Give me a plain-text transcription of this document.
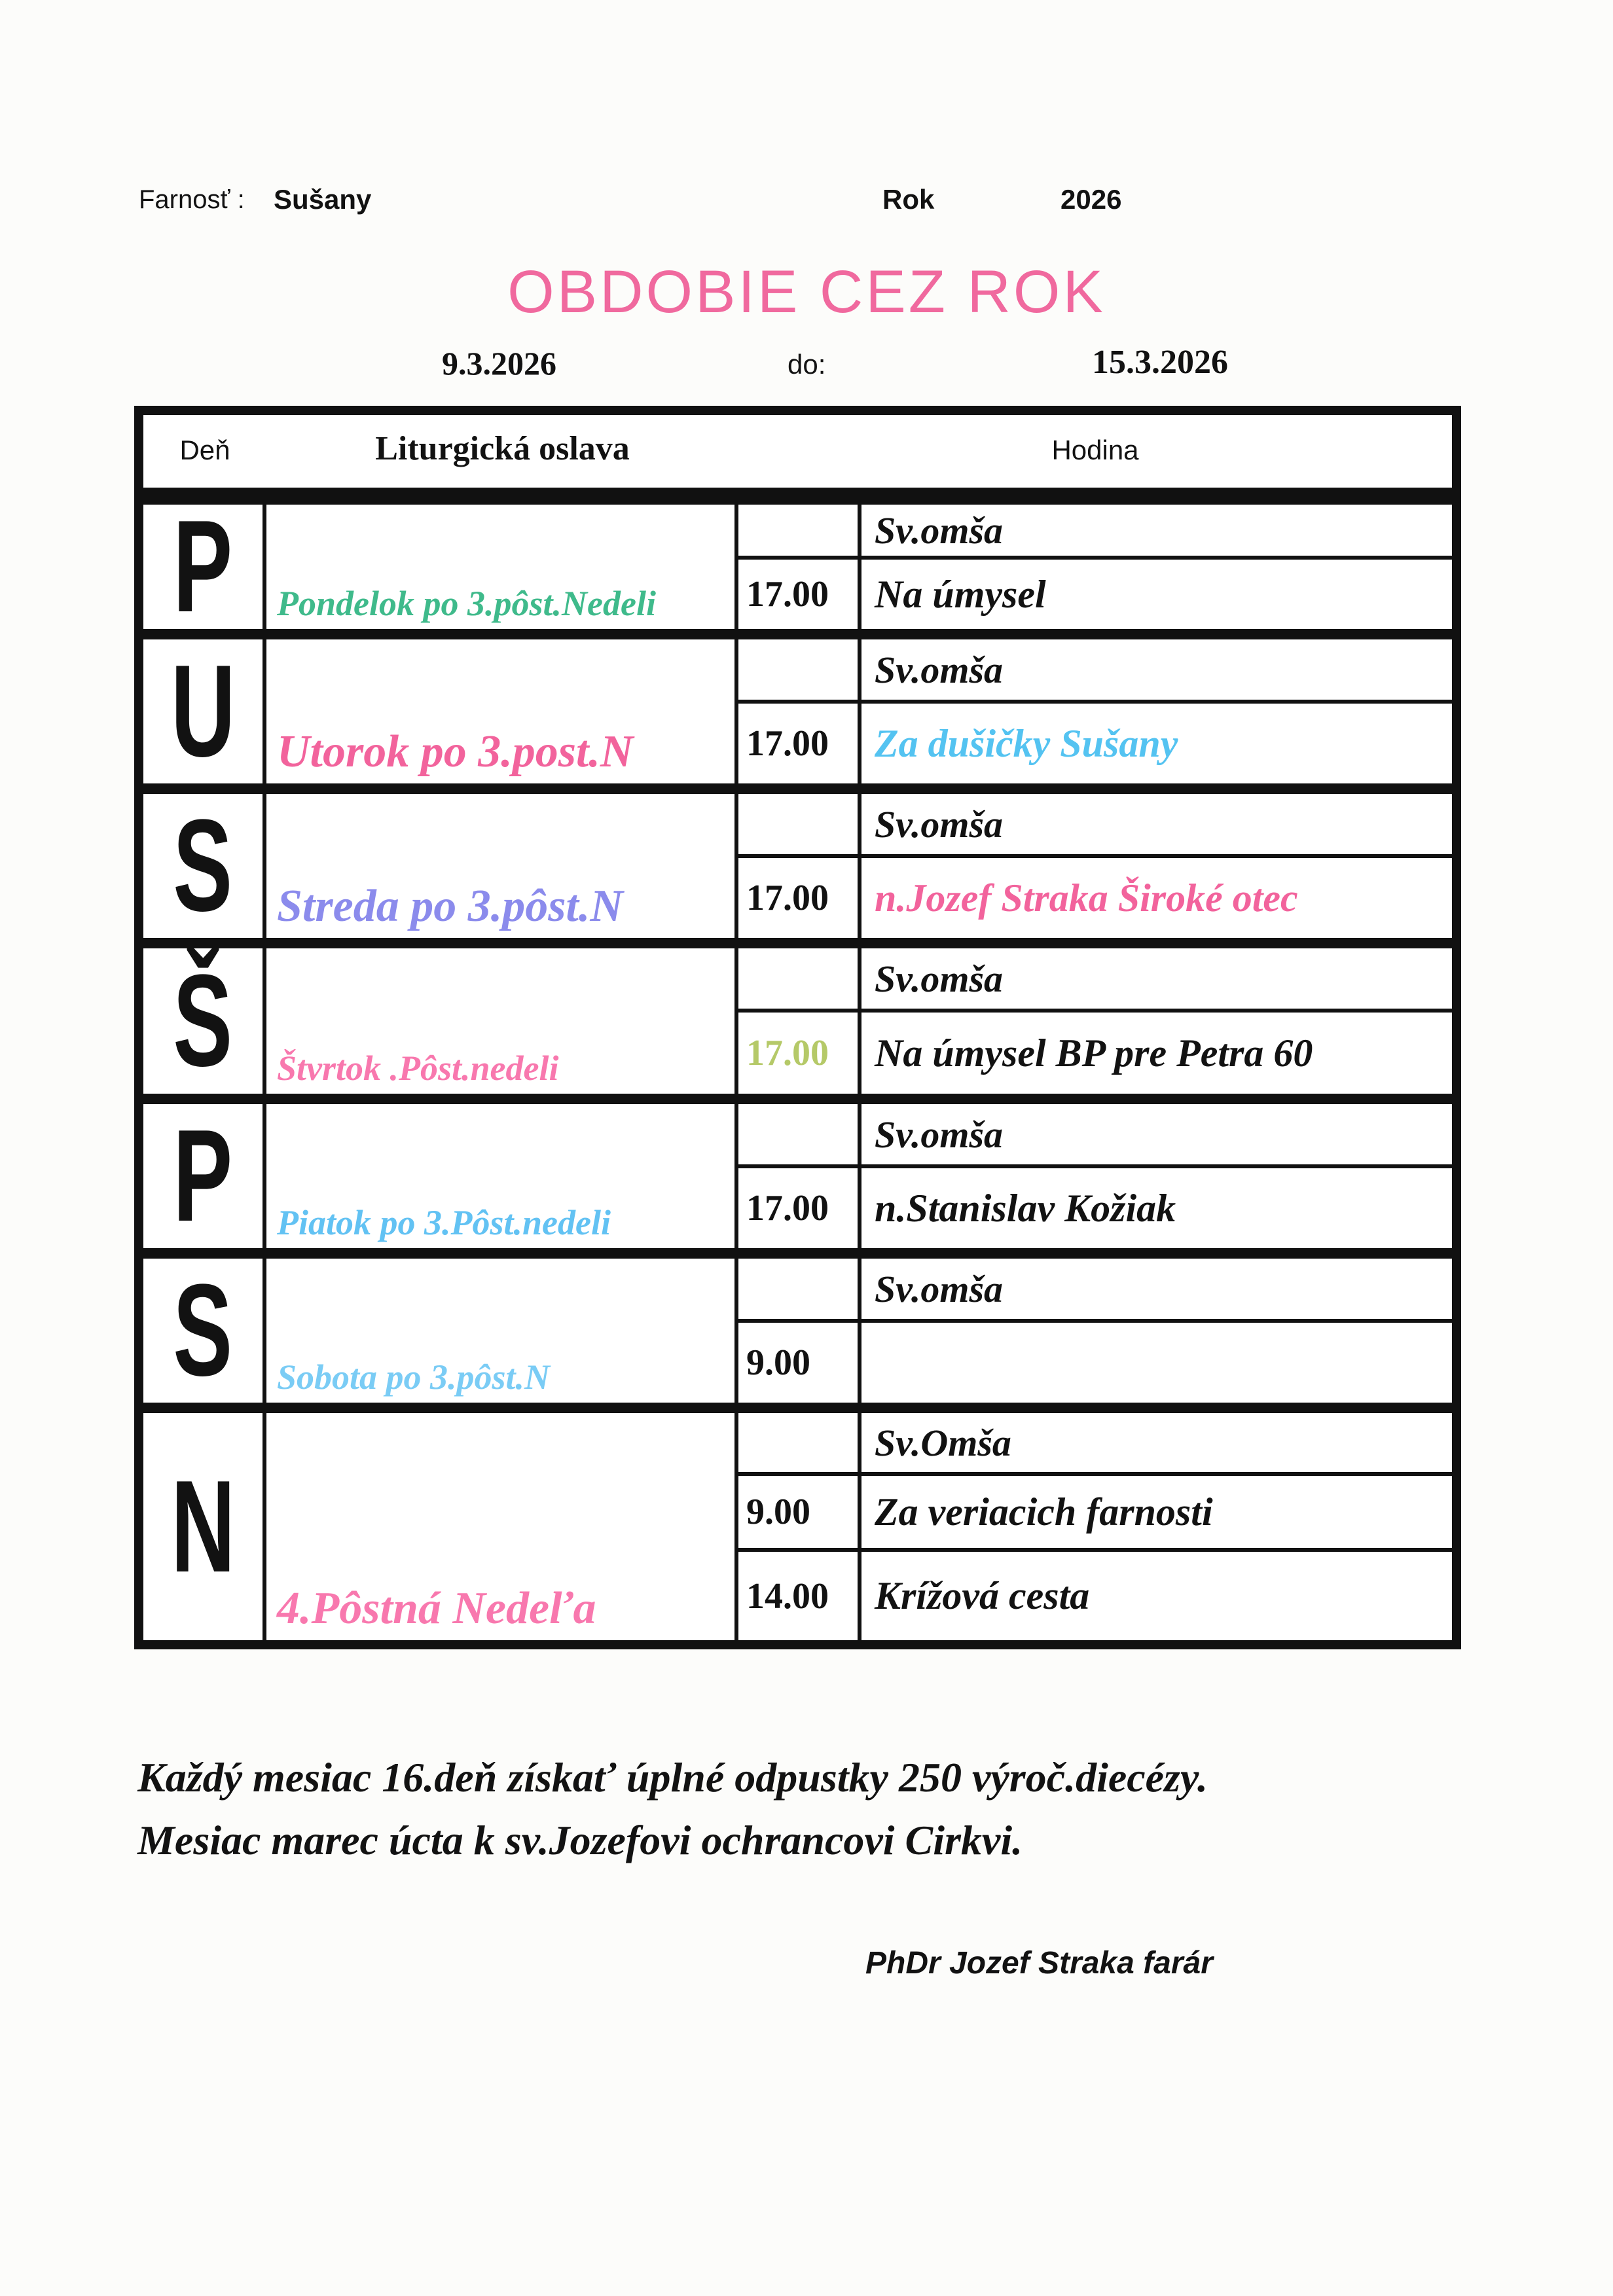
Farnosť : Sušany	Rok	2026
OBDOBIE CEZ ROK
9.3.2026	do:	15.3.2026
Deň	Liturgická oslava	Hodina
P Pondelok po 3.pôst.Nedeli
Sv.omša
17.00	Na úmysel
U Utorok po 3.post.N
Sv.omša
17.00	Za dušičky Sušany
S Streda po 3.pôst.N
Sv.omša
17.00	n.Jozef Straka Široké otec
Š Štvrtok .Pôst.nedeli
Sv.omša
17.00	Na úmysel BP pre Petra 60
P Piatok po 3.Pôst.nedeli
Sv.omša
17.00	n.Stanislav Kožiak
S Sobota po 3.pôst.N
Sv.omša
9.00
N
4.Pôstná Nedeľa
Sv.Omša
9.00	Za veriacich farnosti
14.00	Krížová cesta
Každý mesiac 16.deň získať úplné odpustky 250 výroč.diecézy.
Mesiac marec úcta k sv.Jozefovi ochrancovi Cirkvi.
PhDr Jozef Straka farár
